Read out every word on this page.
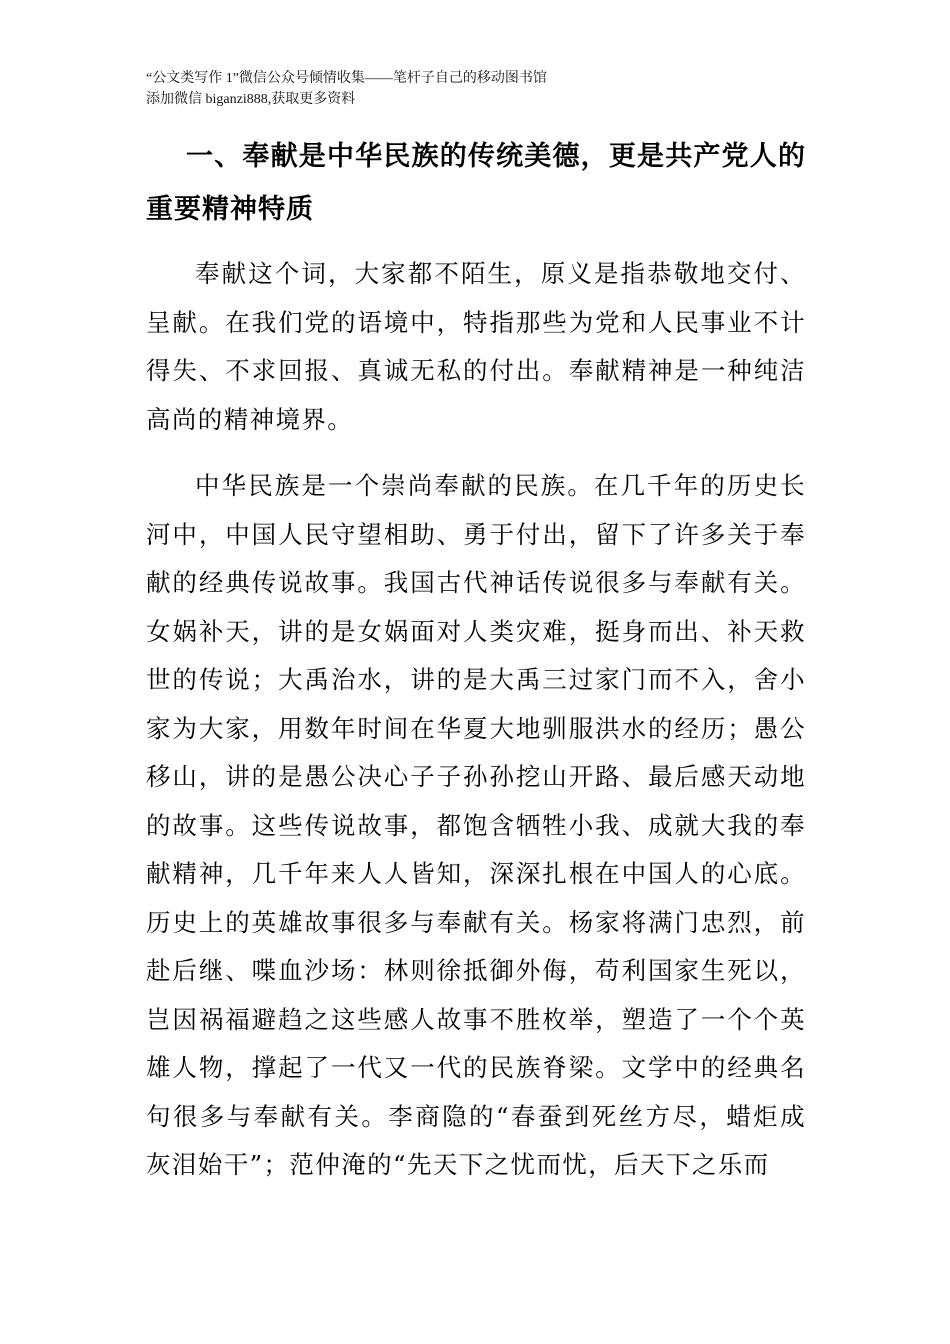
“公文类写作 1”微信公众号倾情收集——笔杆子自己的移动图书馆
添加微信 biganzi888,获取更多资料
一、奉献是中华民族的传统美德，更是共产党人的重要精神特质

奉献这个词，大家都不陌生，原义是指恭敬地交付、呈献。在我们党的语境中，特指那些为党和人民事业不计得失、不求回报、真诚无私的付出。奉献精神是一种纯洁高尚的精神境界。

中华民族是一个崇尚奉献的民族。在几千年的历史长河中，中国人民守望相助、勇于付出，留下了许多关于奉献的经典传说故事。我国古代神话传说很多与奉献有关。女娲补天，讲的是女娲面对人类灾难，挺身而出、补天救世的传说；大禹治水，讲的是大禹三过家门而不入，舍小家为大家，用数年时间在华夏大地驯服洪水的经历；愚公移山，讲的是愚公决心子子孙孙挖山开路、最后感天动地的故事。这些传说故事，都饱含牺牲小我、成就大我的奉献精神，几千年来人人皆知，深深扎根在中国人的心底。历史上的英雄故事很多与奉献有关。杨家将满门忠烈，前赴后继、喋血沙场：林则徐抵御外侮，苟利国家生死以，岂因祸福避趋之这些感人故事不胜枚举，塑造了一个个英雄人物，撑起了一代又一代的民族脊梁。文学中的经典名句很多与奉献有关。李商隐的“春蚕到死丝方尽，蜡炬成灰泪始干”；范仲淹的“先天下之忧而忧，后天下之乐而
